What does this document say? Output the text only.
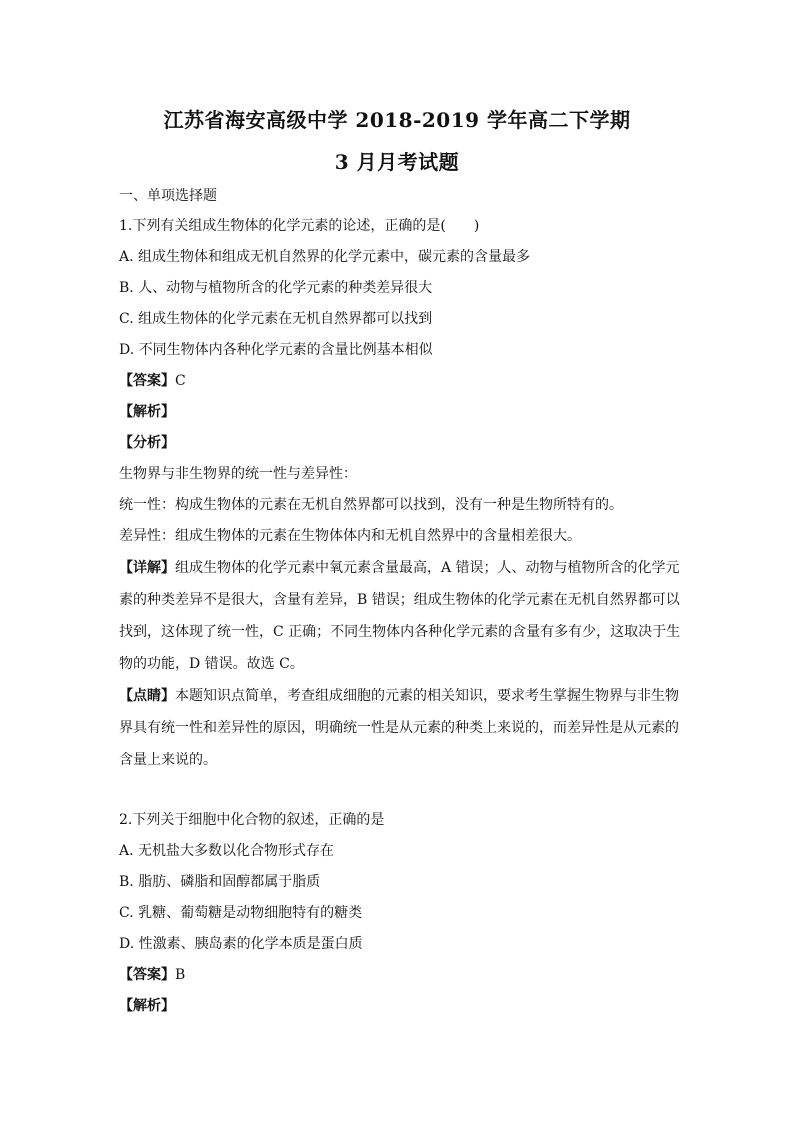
江苏省海安高级中学 2018-2019 学年高二下学期
3 月月考试题
一、单项选择题
1.下列有关组成生物体的化学元素的论述，正确的是(　　)
A. 组成生物体和组成无机自然界的化学元素中，碳元素的含量最多
B. 人、动物与植物所含的化学元素的种类差异很大
C. 组成生物体的化学元素在无机自然界都可以找到
D. 不同生物体内各种化学元素的含量比例基本相似
【答案】C
【解析】
【分析】
生物界与非生物界的统一性与差异性：
统一性：构成生物体的元素在无机自然界都可以找到，没有一种是生物所特有的。
差异性：组成生物体的元素在生物体体内和无机自然界中的含量相差很大。
【详解】组成生物体的化学元素中氧元素含量最高，A 错误；人、动物与植物所含的化学元
素的种类差异不是很大，含量有差异，B 错误；组成生物体的化学元素在无机自然界都可以
找到，这体现了统一性，C 正确；不同生物体内各种化学元素的含量有多有少，这取决于生
物的功能，D 错误。故选 C。
【点睛】本题知识点简单，考查组成细胞的元素的相关知识，要求考生掌握生物界与非生物
界具有统一性和差异性的原因，明确统一性是从元素的种类上来说的，而差异性是从元素的
含量上来说的。
2.下列关于细胞中化合物的叙述，正确的是
A. 无机盐大多数以化合物形式存在
B. 脂肪、磷脂和固醇都属于脂质
C. 乳糖、葡萄糖是动物细胞特有的糖类
D. 性激素、胰岛素的化学本质是蛋白质
【答案】B
【解析】
